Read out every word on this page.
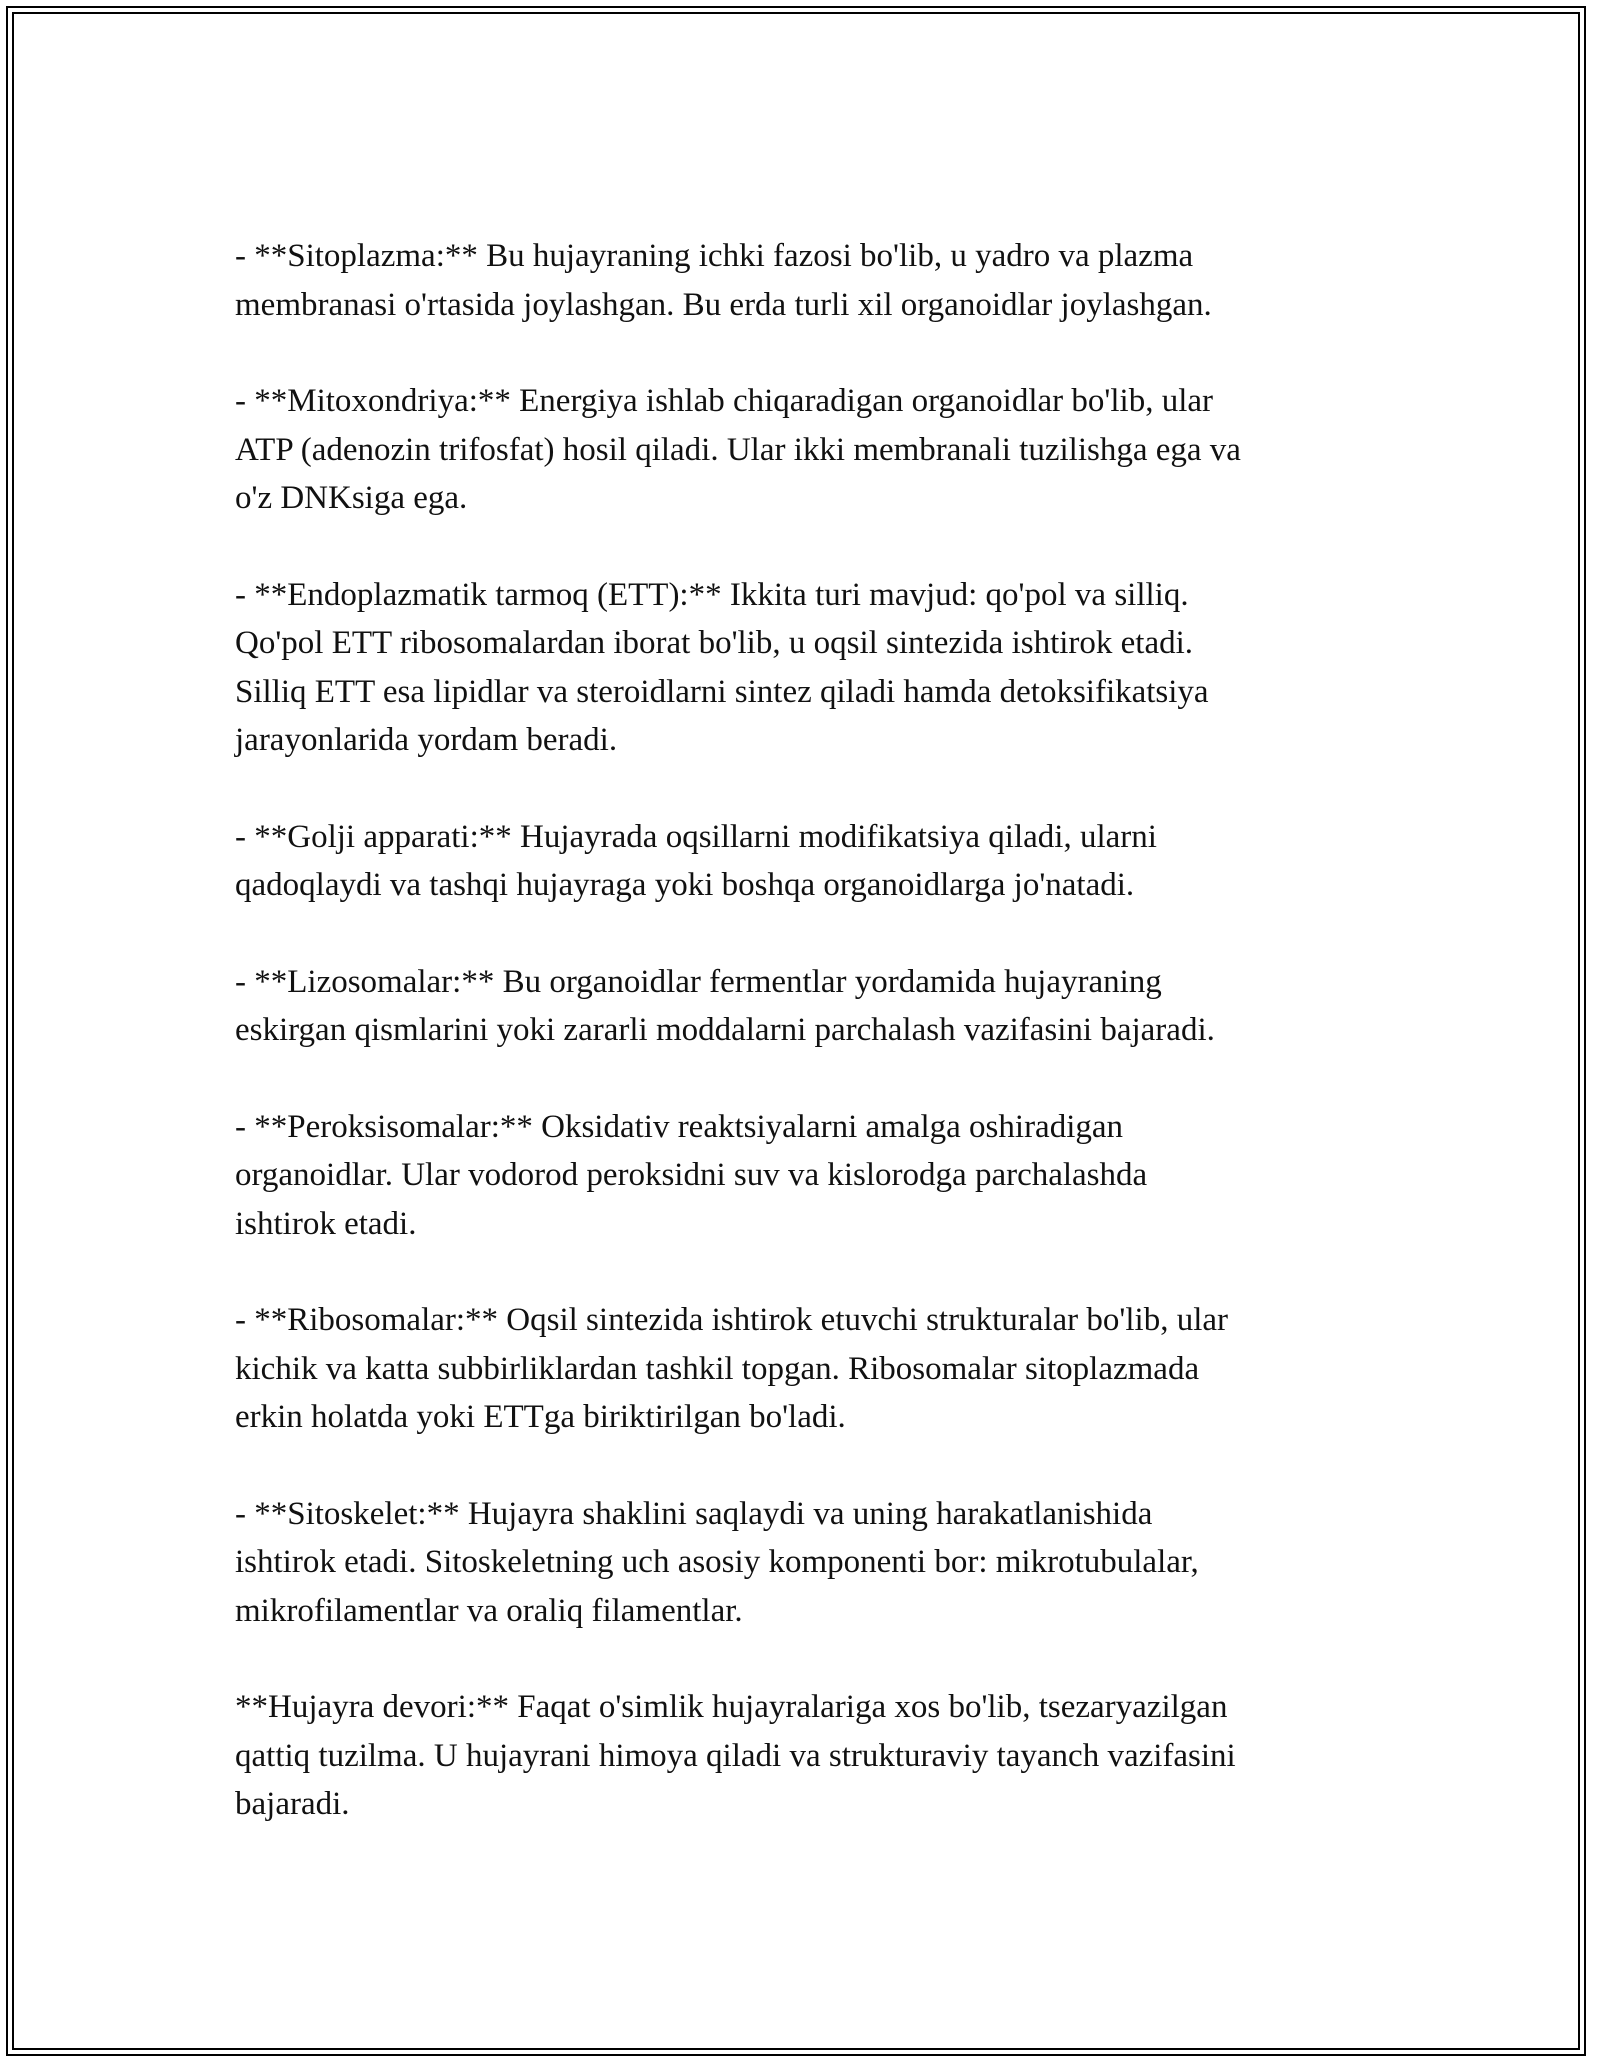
- **Sitoplazma:** Bu hujayraning ichki fazosi bo'lib, u yadro va plazma
membranasi o'rtasida joylashgan. Bu erda turli xil organoidlar joylashgan.

- **Mitoxondriya:** Energiya ishlab chiqaradigan organoidlar bo'lib, ular
ATP (adenozin trifosfat) hosil qiladi. Ular ikki membranali tuzilishga ega va
o'z DNKsiga ega.

- **Endoplazmatik tarmoq (ETT):** Ikkita turi mavjud: qo'pol va silliq.
Qo'pol ETT ribosomalardan iborat bo'lib, u oqsil sintezida ishtirok etadi.
Silliq ETT esa lipidlar va steroidlarni sintez qiladi hamda detoksifikatsiya
jarayonlarida yordam beradi.

- **Golji apparati:** Hujayrada oqsillarni modifikatsiya qiladi, ularni
qadoqlaydi va tashqi hujayraga yoki boshqa organoidlarga jo'natadi.

- **Lizosomalar:** Bu organoidlar fermentlar yordamida hujayraning
eskirgan qismlarini yoki zararli moddalarni parchalash vazifasini bajaradi.

- **Peroksisomalar:** Oksidativ reaktsiyalarni amalga oshiradigan
organoidlar. Ular vodorod peroksidni suv va kislorodga parchalashda
ishtirok etadi.

- **Ribosomalar:** Oqsil sintezida ishtirok etuvchi strukturalar bo'lib, ular
kichik va katta subbirliklardan tashkil topgan. Ribosomalar sitoplazmada
erkin holatda yoki ETTga biriktirilgan bo'ladi.

- **Sitoskelet:** Hujayra shaklini saqlaydi va uning harakatlanishida
ishtirok etadi. Sitoskeletning uch asosiy komponenti bor: mikrotubulalar,
mikrofilamentlar va oraliq filamentlar.

**Hujayra devori:** Faqat o'simlik hujayralariga xos bo'lib, tsezaryazilgan
qattiq tuzilma. U hujayrani himoya qiladi va strukturaviy tayanch vazifasini
bajaradi.
